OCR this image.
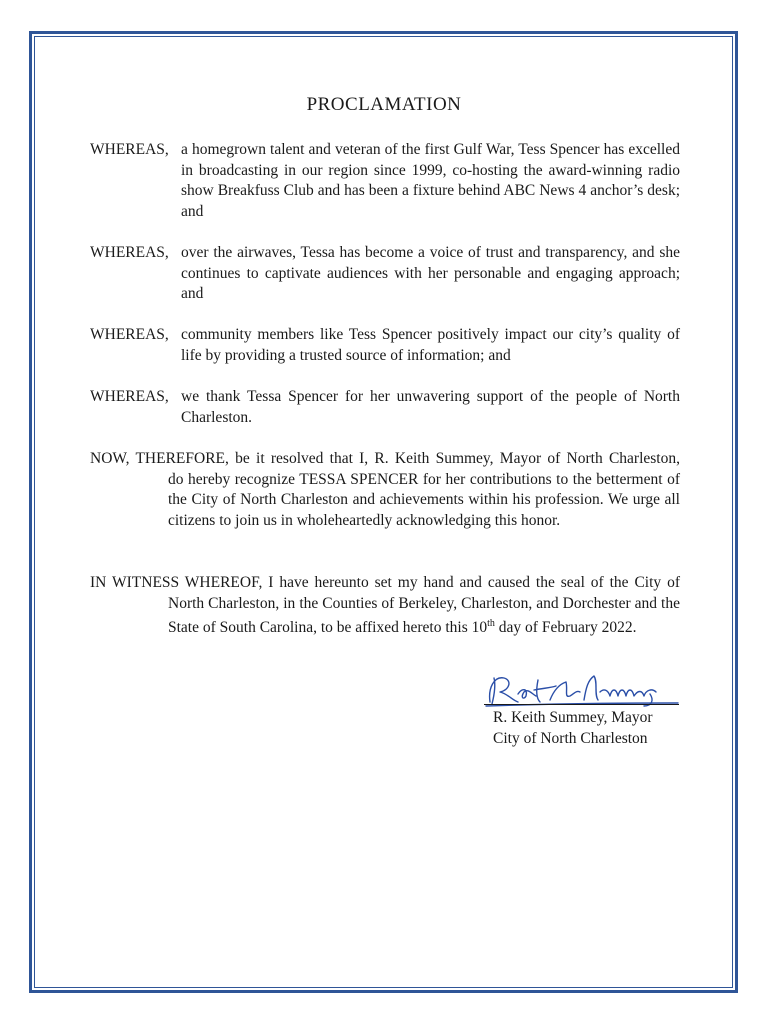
PROCLAMATION
WHEREAS, a homegrown talent and veteran of the first Gulf War, Tess Spencer has excelled in broadcasting in our region since 1999, co-hosting the award-winning radio show Breakfuss Club and has been a fixture behind ABC News 4 anchor’s desk; and
WHEREAS, over the airwaves, Tessa has become a voice of trust and transparency, and she continues to captivate audiences with her personable and engaging approach; and
WHEREAS, community members like Tess Spencer positively impact our city’s quality of life by providing a trusted source of information; and
WHEREAS, we thank Tessa Spencer for her unwavering support of the people of North Charleston.
NOW, THEREFORE, be it resolved that I, R. Keith Summey, Mayor of North Charleston,
do hereby recognize TESSA SPENCER for her contributions to the betterment of the City of North Charleston and achievements within his profession. We urge all citizens to join us in wholeheartedly acknowledging this honor.
IN WITNESS WHEREOF, I have hereunto set my hand and caused the seal of the City of
North Charleston, in the Counties of Berkeley, Charleston, and Dorchester and the State of South Carolina, to be affixed hereto this 10th day of February 2022.
R. Keith Summey, Mayor
City of North Charleston
